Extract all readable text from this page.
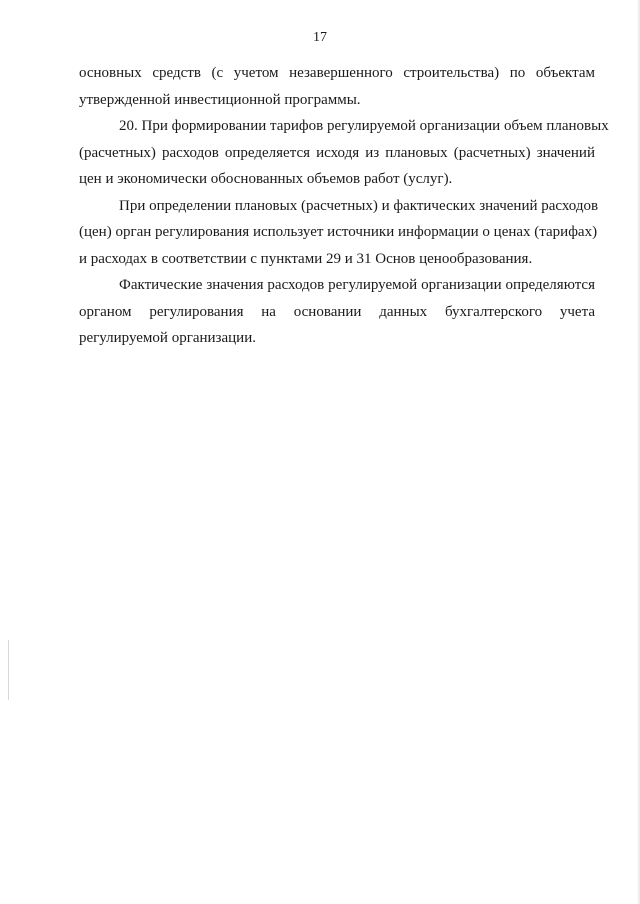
17
основных средств (с учетом незавершенного строительства) по объектам
утвержденной инвестиционной программы.
20. При формировании тарифов регулируемой организации объем плановых
(расчетных) расходов определяется исходя из плановых (расчетных) значений
цен и экономически обоснованных объемов работ (услуг).
При определении плановых (расчетных) и фактических значений расходов
(цен) орган регулирования использует источники информации о ценах (тарифах)
и расходах в соответствии с пунктами 29 и 31 Основ ценообразования.
Фактические значения расходов регулируемой организации определяются
органом регулирования на основании данных бухгалтерского учета
регулируемой организации.
